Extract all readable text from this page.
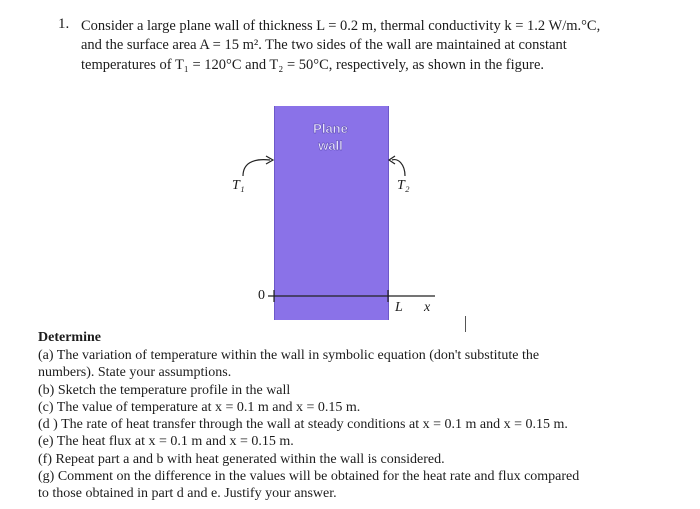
1. Consider a large plane wall of thickness L = 0.2 m, thermal conductivity k = 1.2 W/m.°C,
and the surface area A = 15 m². The two sides of the wall are maintained at constant
temperatures of T₁ = 120°C and T₂ = 50°C, respectively, as shown in the figure.
Plane
wall
T₁	T₂
0
L x
Determine
(a) The variation of temperature within the wall in symbolic equation (don't substitute the
numbers). State your assumptions.
(b) Sketch the temperature profile in the wall
(c) The value of temperature at x = 0.1 m and x = 0.15 m.
(d ) The rate of heat transfer through the wall at steady conditions at x = 0.1 m and x = 0.15 m.
(e) The heat flux at x = 0.1 m and x = 0.15 m.
(f) Repeat part a and b with heat generated within the wall is considered.
(g) Comment on the difference in the values will be obtained for the heat rate and flux compared
to those obtained in part d and e. Justify your answer.
